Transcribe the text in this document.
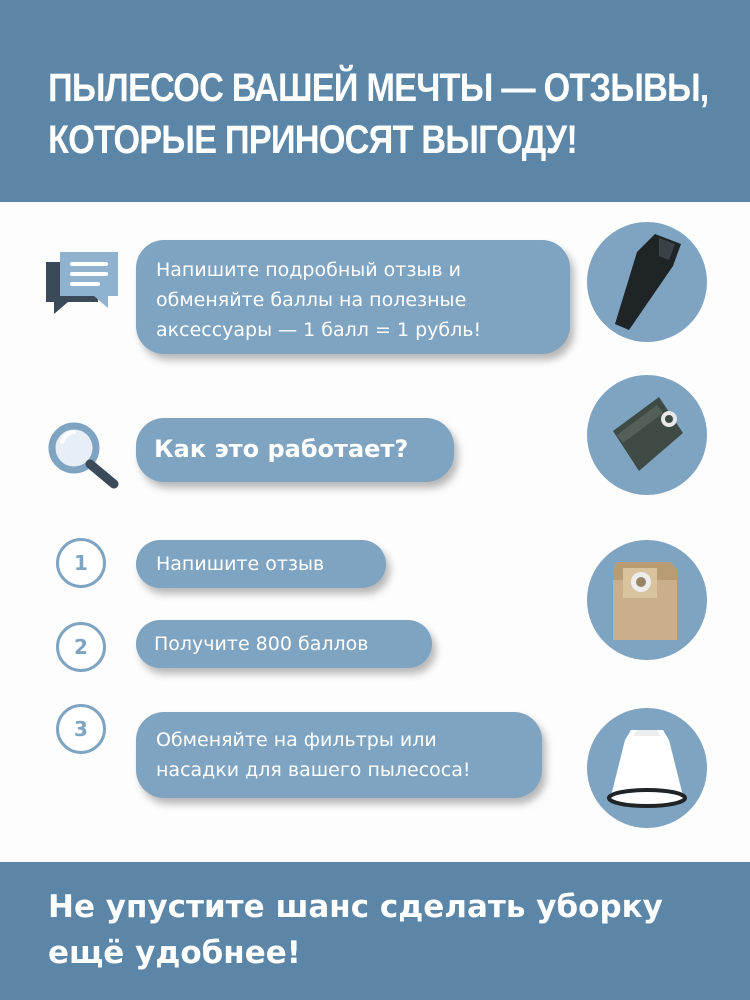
ПЫЛЕСОС ВАШЕЙ МЕЧТЫ — ОТЗЫВЫ,
КОТОРЫЕ ПРИНОСЯТ ВЫГОДУ!
Напишите подробный отзыв и
обменяйте баллы на полезные
аксессуары — 1 балл = 1 рубль!
Как это работает?
1	Напишите отзыв
2	Получите 800 баллов
3	Обменяйте на фильтры или
насадки для вашего пылесоса!
Не упустите шанс сделать уборку
ещё удобнее!
